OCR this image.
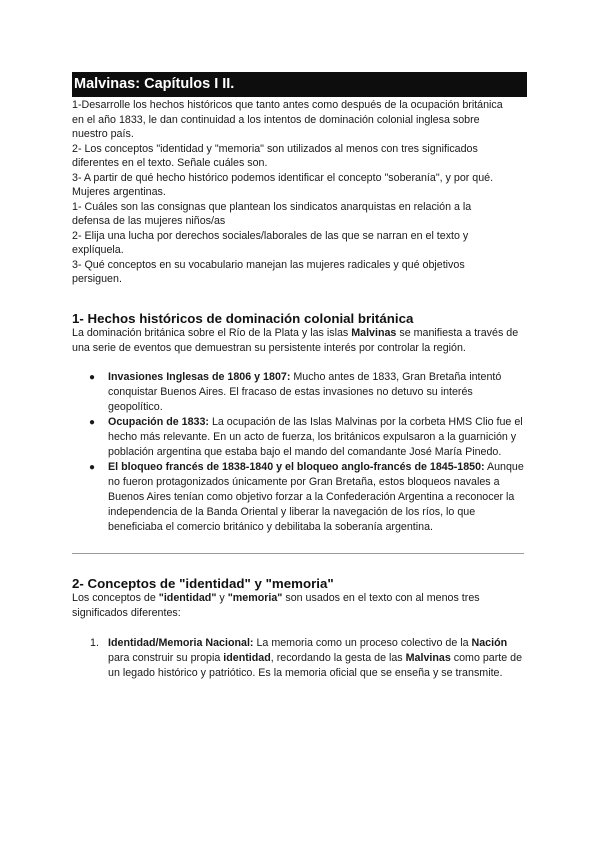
Malvinas: Capítulos I II.
1-Desarrolle los hechos históricos que tanto antes como después de la ocupación británica
en el año 1833, le dan continuidad a los intentos de dominación colonial inglesa sobre
nuestro país.
2- Los conceptos "identidad y "memoria" son utilizados al menos con tres significados
diferentes en el texto. Señale cuáles son.
3- A partir de qué hecho histórico podemos identificar el concepto "soberanía", y por qué.
Mujeres argentinas.
1- Cuáles son las consignas que plantean los sindicatos anarquistas en relación a la
defensa de las mujeres niños/as
2- Elija una lucha por derechos sociales/laborales de las que se narran en el texto y
explíquela.
3- Qué conceptos en su vocabulario manejan las mujeres radicales y qué objetivos
persiguen.
1- Hechos históricos de dominación colonial británica

La dominación británica sobre el Río de la Plata y las islas Malvinas se manifiesta a través de una serie de eventos que demuestran su persistente interés por controlar la región.

● Invasiones Inglesas de 1806 y 1807: Mucho antes de 1833, Gran Bretaña intentó conquistar Buenos Aires. El fracaso de estas invasiones no detuvo su interés geopolítico.
● Ocupación de 1833: La ocupación de las Islas Malvinas por la corbeta HMS Clio fue el hecho más relevante. En un acto de fuerza, los británicos expulsaron a la guarnición y población argentina que estaba bajo el mando del comandante José María Pinedo.
● El bloqueo francés de 1838-1840 y el bloqueo anglo-francés de 1845-1850: Aunque no fueron protagonizados únicamente por Gran Bretaña, estos bloqueos navales a Buenos Aires tenían como objetivo forzar a la Confederación Argentina a reconocer la independencia de la Banda Oriental y liberar la navegación de los ríos, lo que beneficiaba el comercio británico y debilitaba la soberanía argentina.
2- Conceptos de "identidad" y "memoria"

Los conceptos de "identidad" y "memoria" son usados en el texto con al menos tres significados diferentes:

1. Identidad/Memoria Nacional: La memoria como un proceso colectivo de la Nación para construir su propia identidad, recordando la gesta de las Malvinas como parte de un legado histórico y patriótico. Es la memoria oficial que se enseña y se transmite.
